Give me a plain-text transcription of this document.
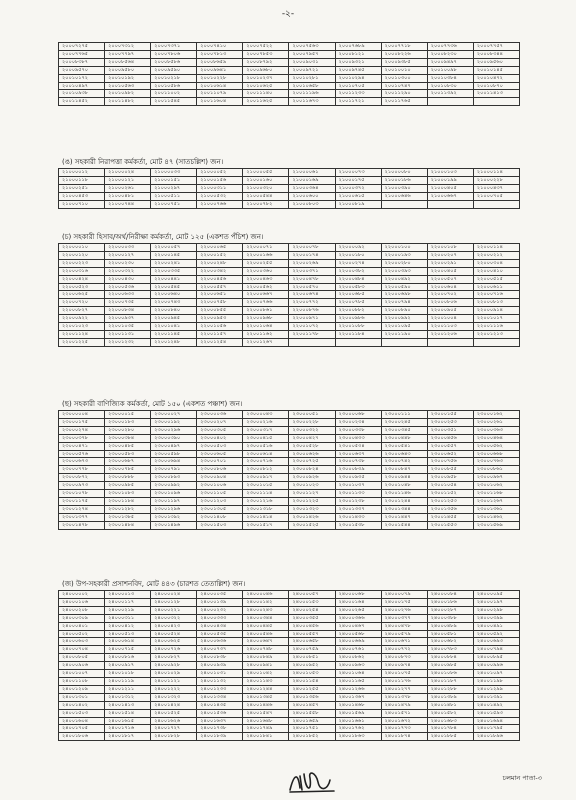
-২-
২০০০৭২৭৫	২০০০৭৩১২	২০০০৭৩৭১	২০০০৭৪১০	২০০০৭৫২২	২০০০৭৫৬৩	২০০০৭৬৮৯	২০০০৭৭১৮	২০০০৭৭৩৬	২০০০৭৭৫৭
২০০০৭৭৬৫	২০০০৭৭৯৭	২০০০৭৮০৬	২০০০৭৮১৩	২০০০৭৮৫৩	২০০০৭৯৫৭	২০০০৮১২১	২০০০৮২২৬	২০০০৮২৩০	২০০০৮৩৪৪
২০০০৮৩৮৭	২০০০৮৫৬৪	২০০০৮৫৮৬	২০০০৮৬৫৯	২০০০৮৭৯২	২০০০৯০৩১	২০০০৯৩২১	২০০০৯৩৮৫	২০০০৯৪৯৭	২০০০৯৫৬০
২০০০৯৫৭০	২০০০৯৫৮০	২০০০৯৫৯০	২০০০৯৬৪১	২০০০৯৬৮০	২০০০৯৭২১	২০০০৯৭৪৫	২০০১০০১০	২০০১০০৯৮	২০০১০১৪৫
২০০১০১৭২	২০০১০১৯২	২০০১০২১৮	২০০১০২২৮	২০০১০২৩৭	২০০১০২৮১	২০০১০২৯৪	২০০১০৩০০	২০০১০৩৮৪	২০০১০৪৭২
২০০১০৪৯৭	২০০১০৫৬৩	২০০১০৫৮৬	২০০১০৬১৪	২০০১০৬২৫	২০০১০৬৫৮	২০০১০৭০৫	২০০১০৭৪৭	২০০১০৮৩০	২০০১০৮৭০
২০০১০৯৩৮	২০০১০৯৮২	২০০১১০০২	২০০১১০৭৯	২০০১১১৪০	২০০১১১৯৬	২০০১১২৩৩	২০০১১২৯০	২০০১১৩৯২	২০০১১৪১৩
২০০১১৪৫২	২০০১১৪৮২	২০০১১৫৪৫	২০০১১৬০৪	২০০১১৬২৫	২০০১১৬৭৩	২০০১১৭২১	২০০১১৭৬৫		
(ঙ) সহকারী নিরাপত্তা কর্মকর্তা, মোট ৪৭ (সাতচল্লিশ) জন।
২১০০০০১২	২১০০০০২৪	২১০০০০৩৩	২১০০০০৫২	২১০০০০৫৫	২১০০০০৬১	২১০০০০৭৩	২১০০০০৮০	২১০০০১০৩	২১০০০১১৪
২১০০০১১৮	২১০০০১২১	২১০০০১৫১	২১০০০১৫৬	২১০০০১৬০	২১০০০১৬৯	২১০০০১৭৫	২১০০০১৮৬	২১০০০১৯৯	২১০০০২২৮
২১০০০২৫১	২১০০০২৬১	২১০০০২৯৭	২১০০০৩১১	২১০০০৩২০	২১০০০৩৬৪	২১০০০৩৭২	২১০০০৩৯০	২১০০০৪০৫	২১০০০৪৩৭
২১০০০৪৫৩	২১০০০৪৮১	২১০০০৫১১	২১০০০৫৩২	২১০০০৫৪৪	২১০০০৬০০	২১০০০৬১৫	২১০০০৬৪৬	২১০০০৬৬৭	২১০০০৭০৫
২১০০০৭১০	২১০০০৭৪৪	২১০০০৭৫১	২১০০০৭৬৬	২১০০০৭৮২	২১০০০৮০৩	২১০০০৮১৯			
(চ) সহকারী হিসাব/অর্থ/নিরীক্ষা কর্মকর্তা, মোট ১২৫ (একশত পঁচিশ) জন।
২২০০০০১০	২২০০০০৩৩	২২০০০০৫৭	২২০০০০৬৫	২২০০০০৭১	২২০০০০৭৮	২২০০০০৯২	২২০০০১০০	২২০০০১০৮	২২০০০১১৪
২২০০০১২০	২২০০০১২৭	২২০০০১৪৫	২২০০০১৫২	২২০০০১৬৬	২২০০০১৭৪	২২০০০১৮০	২২০০০১৯৩	২২০০০২০৭	২২০০০২১২
২২০০০২২৩	২২০০০২৩০	২২০০০২৪১	২২০০০২৪৮	২২০০০২৫৫	২২০০০২৬৯	২২০০০২৭৪	২২০০০২৮০	২২০০০২৯১	২২০০০৩০৪
২২০০০৩১৬	২২০০০৩২২	২২০০০৩৩৫	২২০০০৩৪২	২২০০০৩৬০	২২০০০৩৭১	২২০০০৩৮২	২২০০০৩৯৩	২২০০০৪০৫	২২০০০৪১০
২২০০০৪২৪	২২০০০৪৩০	২২০০০৪৪১	২২০০০৪৫৬	২২০০০৪৬৩	২২০০০৪৭৮	২২০০০৪৮৪	২২০০০৪৯২	২২০০০৫০৭	২২০০০৫১৫
২২০০০৫২৩	২২০০০৫৩৬	২২০০০৫৪৫	২২০০০৫৫৭	২২০০০৫৬২	২২০০০৫৭০	২২০০০৫৮৩	২২০০০৫৯০	২২০০০৬০৪	২২০০০৬১১
২২০০০৬২৫	২২০০০৬৩৩	২২০০০৬৪০	২২০০০৬৫১	২২০০০৬৬৭	২২০০০৬৭৪	২২০০০৬৮৫	২২০০০৬৯৮	২২০০০৭০২	২২০০০৭১৬
২২০০০৭২০	২২০০০৭৩৫	২২০০০৭৪৩	২২০০০৭৫৮	২২০০০৭৬৬	২২০০০৭৭২	২২০০০৭৮৫	২২০০০৭৯৪	২২০০০৮০৬	২২০০০৮১৩
২২০০০৮২৭	২২০০০৮৩৪	২২০০০৮৪০	২২০০০৮৫৫	২২০০০৮৬১	২২০০০৮৭৬	২২০০০৮৮২	২২০০০৮৯০	২২০০০৯০৫	২২০০০৯১৪
২২০০০৯২২	২২০০০৯৩৭	২২০০০৯৪৫	২২০০০৯৫৩	২২০০০৯৬৮	২২০০০৯৭১	২২০০০৯৮৬	২২০০০৯৯২	২২০০১০০৪	২২০০১০১৭
২২০০১০২৩	২২০০১০৩৫	২২০০১০৪১	২২০০১০৫৬	২২০০১০৬৪	২২০০১০৭২	২২০০১০৮৮	২২০০১০৯৫	২২০০১১০৩	২২০০১১১৬
২২০০১১২৪	২২০০১১৩১	২২০০১১৪৫	২২০০১১৫৭	২২০০১১৬২	২২০০১১৭৮	২২০০১১৮৪	২২০০১১৯০	২২০০১২০৬	২২০০১২১৩
২২০০১২২৫	২২০০১২৩২	২২০০১২৪৮	২২০০১২৫৪	২২০০১২৬৭					
(ছ) সহকারী বাণিজ্যিক কর্মকর্তা, মোট ১৫০ (একশত পঞ্চাশ) জন।
২৩০০০০০৪	২৩০০০০১৫	২৩০০০০২৭	২৩০০০০৩৬	২৩০০০০৪৩	২৩০০০০৫১	২৩০০০০৬৮	২৩০০০১১১	২৩০০০১৫৫	২৩০০০১৬২
২৩০০০১৭৫	২৩০০০১৮৩	২৩০০০১৯২	২৩০০০২০৭	২৩০০০২১৬	২৩০০০২২৮	২৩০০০২৩৪	২৩০০০২৪৫	২৩০০০২৫৩	২৩০০০২৬১
২৩০০০২৭৪	২৩০০০২৮০	২৩০০০২৯৬	২৩০০০৩০৫	২৩০০০৩১৭	২৩০০০৩২২	২৩০০০৩৩৮	২৩০০০৩৪৫	২৩০০০৩৫১	২৩০০০৩৬৩
২৩০০০৩৭৮	২৩০০০৩৮৪	২৩০০০৩৯০	২৩০০০৪০২	২৩০০০৪১৫	২৩০০০৪২৭	২৩০০০৪৩৩	২৩০০০৪৪৮	২৩০০০৪৫৬	২৩০০০৪৬৪
২৩০০০৪৭১	২৩০০০৪৮৫	২৩০০০৪৯৭	২৩০০০৫০৩	২৩০০০৫১৬	২৩০০০৫২৮	২৩০০০৫৩৪	২৩০০০৫৪১	২৩০০০৫৫৭	২৩০০০৫৬২
২৩০০০৫৭৬	২৩০০০৫৮৩	২৩০০০৫৯৮	২৩০০০৬০৫	২৩০০০৬১৪	২৩০০০৬২৬	২৩০০০৬৩৭	২৩০০০৬৪৩	২৩০০০৬৫২	২৩০০০৬৬৮
২৩০০০৬৭৩	২৩০০০৬৮৭	২৩০০০৬৯৪	২৩০০০৭০১	২৩০০০৭১৬	২৩০০০৭২৫	২৩০০০৭৩৮	২৩০০০৭৪২	২৩০০০৭৫৬	২৩০০০৭৬৩
২৩০০০৭৭৮	২৩০০০৭৮৫	২৩০০০৭৯১	২৩০০০৮০৬	২৩০০০৮১২	২৩০০০৮২৪	২৩০০০৮৩৯	২৩০০০৮৪৭	২৩০০০৮৫৫	২৩০০০৮৬১
২৩০০০৮৭২	২৩০০০৮৮৮	২৩০০০৮৯৩	২৩০০০৯০৪	২৩০০০৯১৭	২৩০০০৯২৬	২৩০০০৯৩৫	২৩০০০৯৪৪	২৩০০০৯৫৮	২৩০০০৯৬৭
২৩০০০৯৭৩	২৩০০০৯৮৫	২৩০০০৯৯২	২৩০০১০০৬	২৩০০১০১৫	২৩০০১০২৩	২৩০০১০৩৭	২৩০০১০৪৮	২৩০০১০৫৪	২৩০০১০৬২
২৩০০১০৭৮	২৩০০১০৮৩	২৩০০১০৯৬	২৩০০১১০৫	২৩০০১১১৪	২৩০০১১২৭	২৩০০১১৩৩	২৩০০১১৪৬	২৩০০১১৫২	২৩০০১১৬৮
২৩০০১১৭৫	২৩০০১১৮৪	২৩০০১১৯৭	২৩০০১২০৩	২৩০০১২১৬	২৩০০১২২৫	২৩০০১২৩৮	২৩০০১২৪৪	২৩০০১২৫৩	২৩০০১২৬৭
২৩০০১২৭৪	২৩০০১২৮২	২৩০০১২৯৬	২৩০০১৩০৫	২৩০০১৩১৮	২৩০০১৩২৩	২৩০০১৩৩৭	২৩০০১৩৪৪	২৩০০১৩৫৬	২৩০০১৩৬১
২৩০০১৩৭৭	২৩০০১৩৮৫	২৩০০১৩৯২	২৩০০১৪০৮	২৩০০১৪১৪	২৩০০১৪২৬	২৩০০১৪৩৩	২৩০০১৪৪৭	২৩০০১৪৫৫	২৩০০১৪৬২
২৩০০১৪৭৮	২৩০০১৪৮৪	২৩০০১৪৯৬	২৩০০১৫০৩	২৩০০১৫১৭	২৩০০১৫২৫	২৩০০১৫৩৮	২৩০০১৫৪৪	২৩০০১৫৫৩	২৩০০১৫৬৯
(জ) উপ-সহকারী প্রসাশনবিদ, মোট ৪৪৩ (চারশত তেতাল্লিশ) জন।
২৪০০০০০২	২৪০০০০১৩	২৪০০০০২৪	২৪০০০০৩৫	২৪০০০০৪৬	২৪০০০০৫৭	২৪০০০০৬৮	২৪০০০০৭৯	২৪০০০০৮৪	২৪০০০০৯৫
২৪০০০১০৬	২৪০০০১১৭	২৪০০০১২৮	২৪০০০১৩৯	২৪০০০১৪২	২৪০০০১৫৩	২৪০০০১৬৪	২৪০০০১৭৫	২৪০০০১৮৬	২৪০০০১৯৭
২৪০০০২০৮	২৪০০০২১৯	২৪০০০২২১	২৪০০০২৩২	২৪০০০২৪৩	২৪০০০২৫৪	২৪০০০২৬৫	২৪০০০২৭৬	২৪০০০২৮৭	২৪০০০২৯৮
২৪০০০৩০৯	২৪০০০৩১১	২৪০০০৩২২	২৪০০০৩৩৩	২৪০০০৩৪৪	২৪০০০৩৫৫	২৪০০০৩৬৬	২৪০০০৩৭৭	২৪০০০৩৮৮	২৪০০০৩৯৯
২৪০০০৪০১	২৪০০০৪১২	২৪০০০৪২৩	২৪০০০৪৩৪	২৪০০০৪৪৫	২৪০০০৪৫৬	২৪০০০৪৬৭	২৪০০০৪৭৮	২৪০০০৪৮৯	২৪০০০৪৯১
২৪০০০৫০২	২৪০০০৫১৩	২৪০০০৫২৪	২৪০০০৫৩৫	২৪০০০৫৪৬	২৪০০০৫৫৭	২৪০০০৫৬৮	২৪০০০৫৭৯	২৪০০০৫৮১	২৪০০০৫৯২
২৪০০০৬০৩	২৪০০০৬১৪	২৪০০০৬২৫	২৪০০০৬৩৬	২৪০০০৬৪৭	২৪০০০৬৫৮	২৪০০০৬৬৯	২৪০০০৬৭১	২৪০০০৬৮২	২৪০০০৬৯৩
২৪০০০৭০৪	২৪০০০৭১৫	২৪০০০৭২৬	২৪০০০৭৩৭	২৪০০০৭৪৮	২৪০০০৭৫৯	২৪০০০৭৬১	২৪০০০৭৭২	২৪০০০৭৮৩	২৪০০০৭৯৪
২৪০০০৮০৫	২৪০০০৮১৬	২৪০০০৮২৭	২৪০০০৮৩৮	২৪০০০৮৪৯	২৪০০০৮৫১	২৪০০০৮৬২	২৪০০০৮৭৩	২৪০০০৮৮৪	২৪০০০৮৯৫
২৪০০০৯০৬	২৪০০০৯১৭	২৪০০০৯২৮	২৪০০০৯৩৯	২৪০০০৯৪১	২৪০০০৯৫২	২৪০০০৯৬৩	২৪০০০৯৭৪	২৪০০০৯৮৫	২৪০০০৯৯৬
২৪০০১০০৭	২৪০০১০১৮	২৪০০১০২৯	২৪০০১০৩১	২৪০০১০৪২	২৪০০১০৫৩	২৪০০১০৬৪	২৪০০১০৭৫	২৪০০১০৮৬	২৪০০১০৯৭
২৪০০১১০৮	২৪০০১১১৯	২৪০০১১২১	২৪০০১১৩২	২৪০০১১৪৩	২৪০০১১৫৪	২৪০০১১৬৫	২৪০০১১৭৬	২৪০০১১৮৭	২৪০০১১৯৮
২৪০০১২০৯	২৪০০১২১১	২৪০০১২২২	২৪০০১২৩৩	২৪০০১২৪৪	২৪০০১২৫৫	২৪০০১২৬৬	২৪০০১২৭৭	২৪০০১২৮৮	২৪০০১২৯৯
২৪০০১৩০১	২৪০০১৩১২	২৪০০১৩২৩	২৪০০১৩৩৪	২৪০০১৩৪৫	২৪০০১৩৫৬	২৪০০১৩৬৭	২৪০০১৩৭৮	২৪০০১৩৮৯	২৪০০১৩৯১
২৪০০১৪০২	২৪০০১৪১৩	২৪০০১৪২৪	২৪০০১৪৩৫	২৪০০১৪৪৬	২৪০০১৪৫৭	২৪০০১৪৬৮	২৪০০১৪৭৯	২৪০০১৪৮১	২৪০০১৪৯২
২৪০০১৫০৩	২৪০০১৫১৪	২৪০০১৫২৫	২৪০০১৫৩৬	২৪০০১৫৪৭	২৪০০১৫৫৮	২৪০০১৫৬৯	২৪০০১৫৭১	২৪০০১৫৮২	২৪০০১৫৯৩
২৪০০১৬০৪	২৪০০১৬১৫	২৪০০১৬২৬	২৪০০১৬৩৭	২৪০০১৬৪৮	২৪০০১৬৫৯	২৪০০১৬৬১	২৪০০১৬৭২	২৪০০১৬৮৩	২৪০০১৬৯৪
২৪০০১৭০৫	২৪০০১৭১৬	২৪০০১৭২৭	২৪০০১৭৩৮	২৪০০১৭৪৯	২৪০০১৭৫১	২৪০০১৭৬২	২৪০০১৭৭৩	২৪০০১৭৮৪	২৪০০১৭৯৫
২৪০০১৮০৬	২৪০০১৮১৭	২৪০০১৮২৮	২৪০০১৮৩৯	২৪০০১৮৪১	২৪০০১৮৫২	২৪০০১৮৬৩	২৪০০১৮৭৪	২৪০০১৮৮৫	২৪০০১৮৯৬
চলমান পাতা-৩
